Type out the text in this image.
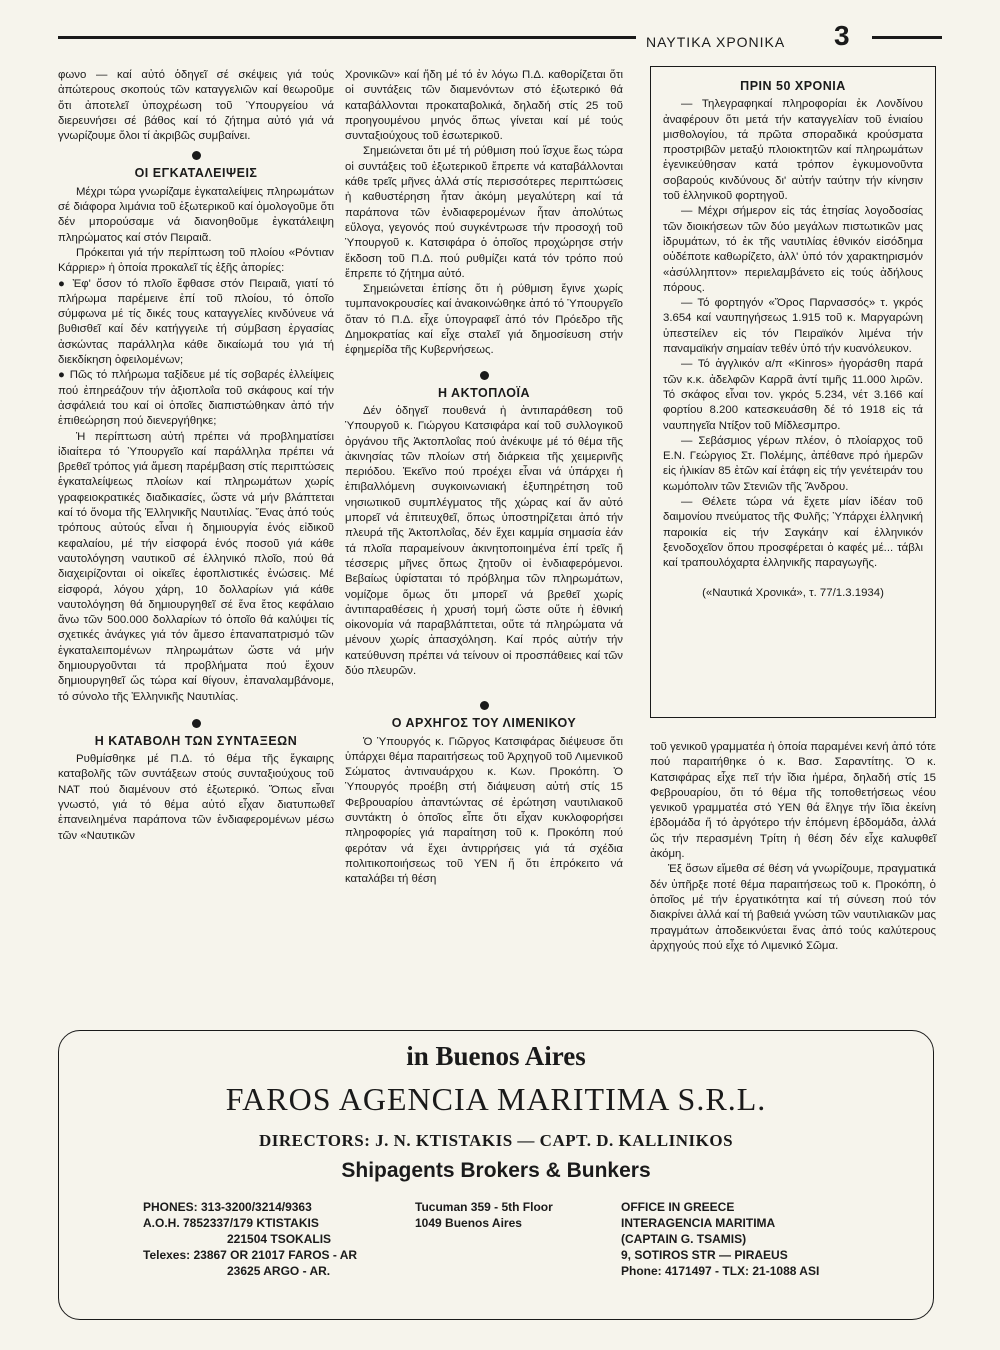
ΝΑΥΤΙΚΑ ΧΡΟΝΙΚΑ 3

φωνο — καί αὐτό ὁδηγεῖ σέ σκέψεις γιά τούς ἀπώτερους σκοπούς τῶν καταγγελιῶν καί θεωροῦμε ὅτι ἀποτελεῖ ὑποχρέωση τοῦ Ὑπουργείου νά διερευνήσει σέ βάθος καί τό ζήτημα αὐτό γιά νά γνωρίζουμε ὅλοι τί ἀκριβῶς συμβαίνει.

ΟΙ ΕΓΚΑΤΑΛΕΙΨΕΙΣ

Μέχρι τώρα γνωρίζαμε ἐγκαταλείψεις πληρωμάτων σέ διάφορα λιμάνια τοῦ ἐξωτερικοῦ καί ὁμολογοῦμε ὅτι δέν μπορούσαμε νά διανοηθοῦμε ἐγκατάλειψη πληρώματος καί στόν Πειραιᾶ.

Πρόκειται γιά τήν περίπτωση τοῦ πλοίου «Ρόντιαν Κάρριερ» ἡ ὁποία προκαλεῖ τίς ἑξῆς ἀπορίες:

● Ἐφ' ὅσον τό πλοῖο ἔφθασε στόν Πειραιᾶ, γιατί τό πλήρωμα παρέμεινε ἐπί τοῦ πλοίου, τό ὁποῖο σύμφωνα μέ τίς δικές τους καταγγελίες κινδύνευε νά βυθισθεῖ καί δέν κατήγγειλε τή σύμβαση ἐργασίας ἀσκώντας παράλληλα κάθε δικαίωμά του γιά τή διεκδίκηση ὀφειλομένων;

● Πῶς τό πλήρωμα ταξίδευε μέ τίς σοβαρές ἐλλείψεις πού ἐπηρεάζουν τήν ἀξιοπλοΐα τοῦ σκάφους καί τήν ἀσφάλειά του καί οἱ ὁποῖες διαπιστώθηκαν ἀπό τήν ἐπιθεώρηση πού διενεργήθηκε;

Ἡ περίπτωση αὐτή πρέπει νά προβληματίσει ἰδιαίτερα τό Ὑπουργεῖο καί παράλληλα πρέπει νά βρεθεῖ τρόπος γιά ἄμεση παρέμβαση στίς περιπτώσεις ἐγκαταλείψεως πλοίων καί πληρωμάτων χωρίς γραφειοκρατικές διαδικασίες, ὥστε νά μήν βλάπτεται καί τό ὄνομα τῆς Ἑλληνικῆς Ναυτιλίας. Ἕνας ἀπό τούς τρόπους αὐτούς εἶναι ἡ δημιουργία ἑνός εἰδικοῦ κεφαλαίου, μέ τήν εἰσφορά ἑνός ποσοῦ γιά κάθε ναυτολόγηση ναυτικοῦ σέ ἑλληνικό πλοῖο, πού θά διαχειρίζονται οἱ οἰκεῖες ἐφοπλιστικές ἑνώσεις. Μέ εἰσφορά, λόγου χάρη, 10 δολλαρίων γιά κάθε ναυτολόγηση θά δημιουργηθεῖ σέ ἕνα ἔτος κεφάλαιο ἄνω τῶν 500.000 δολλαρίων τό ὁποῖο θά καλύψει τίς σχετικές ἀνάγκες γιά τόν ἄμεσο ἐπαναπατρισμό τῶν ἐγκαταλειπομένων πληρωμάτων ὥστε νά μήν δημιουργοῦνται τά προβλήματα πού ἔχουν δημιουργηθεῖ ὥς τώρα καί θίγουν, ἐπαναλαμβάνομε, τό σύνολο τῆς Ἑλληνικῆς Ναυτιλίας.

Η ΚΑΤΑΒΟΛΗ ΤΩΝ ΣΥΝΤΑΞΕΩΝ

Ρυθμίσθηκε μέ Π.Δ. τό θέμα τῆς ἔγκαιρης καταβολῆς τῶν συντάξεων στούς συνταξιούχους τοῦ ΝΑΤ πού διαμένουν στό ἐξωτερικό. Ὅπως εἶναι γνωστό, γιά τό θέμα αὐτό εἶχαν διατυπωθεῖ ἐπανειλημένα παράπονα τῶν ἐνδιαφερομένων μέσω τῶν «Ναυτικῶν

Χρονικῶν» καί ἤδη μέ τό ἐν λόγω Π.Δ. καθορίζεται ὅτι οἱ συντάξεις τῶν διαμενόντων στό ἐξωτερικό θά καταβάλλονται προκαταβολικά, δηλαδή στίς 25 τοῦ προηγουμένου μηνός ὅπως γίνεται καί μέ τούς συνταξιούχους τοῦ ἐσωτερικοῦ.

Σημειώνεται ὅτι μέ τή ρύθμιση πού ἴσχυε ἕως τώρα οἱ συντάξεις τοῦ ἐξωτερικοῦ ἔπρεπε νά καταβάλλονται κάθε τρεῖς μῆνες ἀλλά στίς περισσότερες περιπτώσεις ἡ καθυστέρηση ἦταν ἀκόμη μεγαλύτερη καί τά παράπονα τῶν ἐνδιαφερομένων ἦταν ἀπολύτως εὔλογα, γεγονός πού συγκέντρωσε τήν προσοχή τοῦ Ὑπουργοῦ κ. Κατσιφάρα ὁ ὁποῖος προχώρησε στήν ἔκδοση τοῦ Π.Δ. πού ρυθμίζει κατά τόν τρόπο πού ἔπρεπε τό ζήτημα αὐτό.

Σημειώνεται ἐπίσης ὅτι ἡ ρύθμιση ἔγινε χωρίς τυμπανοκρουσίες καί ἀνακοινώθηκε ἀπό τό Ὑπουργεῖο ὅταν τό Π.Δ. εἶχε ὑπογραφεῖ ἀπό τόν Πρόεδρο τῆς Δημοκρατίας καί εἶχε σταλεῖ γιά δημοσίευση στήν ἐφημερίδα τῆς Κυβερνήσεως.

Η ΑΚΤΟΠΛΟΪΑ

Δέν ὁδηγεῖ πουθενά ἡ ἀντιπαράθεση τοῦ Ὑπουργοῦ κ. Γιώργου Κατσιφάρα καί τοῦ συλλογικοῦ ὀργάνου τῆς Ἀκτοπλοΐας πού ἀνέκυψε μέ τό θέμα τῆς ἀκινησίας τῶν πλοίων στή διάρκεια τῆς χειμερινῆς περιόδου. Ἐκεῖνο πού προέχει εἶναι νά ὑπάρχει ἡ ἐπιβαλλόμενη συγκοινωνιακή ἐξυπηρέτηση τοῦ νησιωτικοῦ συμπλέγματος τῆς χώρας καί ἄν αὐτό μπορεῖ νά ἐπιτευχθεῖ, ὅπως ὑποστηρίζεται ἀπό τήν πλευρά τῆς Ἀκτοπλοΐας, δέν ἔχει καμμία σημασία ἐάν τά πλοῖα παραμείνουν ἀκινητοποιημένα ἐπί τρεῖς ἤ τέσσερις μῆνες ὅπως ζητοῦν οἱ ἐνδιαφερόμενοι. Βεβαίως ὑφίσταται τό πρόβλημα τῶν πληρωμάτων, νομίζομε ὅμως ὅτι μπορεῖ νά βρεθεῖ χωρίς ἀντιπαραθέσεις ἡ χρυσή τομή ὥστε οὔτε ἡ ἐθνική οἰκονομία νά παραβλάπτεται, οὔτε τά πληρώματα νά μένουν χωρίς ἀπασχόληση. Καί πρός αὐτήν τήν κατεύθυνση πρέπει νά τείνουν οἱ προσπάθειες καί τῶν δύο πλευρῶν.

Ο ΑΡΧΗΓΟΣ ΤΟΥ ΛΙΜΕΝΙΚΟΥ

Ὁ Ὑπουργός κ. Γιῶργος Κατσιφάρας διέψευσε ὅτι ὑπάρχει θέμα παραιτήσεως τοῦ Ἀρχηγοῦ τοῦ Λιμενικοῦ Σώματος ἀντιναυάρχου κ. Κων. Προκόπη. Ὁ Ὑπουργός προέβη στή διάψευση αὐτή στίς 15 Φεβρουαρίου ἀπαντώντας σέ ἐρώτηση ναυτιλιακοῦ συντάκτη ὁ ὁποῖος εἶπε ὅτι εἶχαν κυκλοφορήσει πληροφορίες γιά παραίτηση τοῦ κ. Προκόπη πού φερόταν νά ἔχει ἀντιρρήσεις γιά τά σχέδια πολιτικοποιήσεως τοῦ ΥΕΝ ἤ ὅτι ἐπρόκειτο νά καταλάβει τή θέση

ΠΡΙΝ 50 ΧΡΟΝΙΑ

— Τηλεγραφηκαί πληροφορίαι ἐκ Λονδίνου ἀναφέρουν ὅτι μετά τήν καταγγελίαν τοῦ ἑνιαίου μισθολογίου, τά πρῶτα σποραδικά κρούσματα προστριβῶν μεταξύ πλοιοκτητῶν καί πληρωμάτων ἐγενικεύθησαν κατά τρόπον ἐγκυμονοῦντα σοβαρούς κινδύνους δι' αὐτήν ταύτην τήν κίνησιν τοῦ ἑλληνικοῦ φορτηγοῦ.

— Μέχρι σήμερον εἰς τάς ἐτησίας λογοδοσίας τῶν διοικήσεων τῶν δύο μεγάλων πιστωτικῶν μας ἱδρυμάτων, τό ἐκ τῆς ναυτιλίας ἐθνικόν εἰσόδημα οὐδέποτε καθωρίζετο, ἀλλ' ὑπό τόν χαρακτηρισμόν «ἀσύλληπτον» περιελαμβάνετο εἰς τούς ἀδήλους πόρους.

— Τό φορτηγόν «Ὄρος Παρνασσός» τ. γκρός 3.654 καί ναυπηγήσεως 1.915 τοῦ κ. Μαργαρώνη ὑπεστείλεν εἰς τόν Πειραϊκόν λιμένα τήν παναμαϊκήν σημαίαν τεθέν ὑπό τήν κυανόλευκον.

— Τό ἀγγλικόν α/π «Kinros» ἠγοράσθη παρά τῶν κ.κ. ἀδελφῶν Καρρᾶ ἀντί τιμῆς 11.000 λιρῶν. Τό σκάφος εἶναι τον. γκρός 5.234, νέτ 3.166 καί φορτίου 8.200 κατεσκευάσθη δέ τό 1918 εἰς τά ναυπηγεῖα Ντίξον τοῦ Μίδλεσμπρο.

— Σεβάσμιος γέρων πλέον, ὁ πλοίαρχος τοῦ Ε.Ν. Γεώργιος Στ. Πολέμης, ἀπέθανε πρό ἡμερῶν εἰς ἡλικίαν 85 ἐτῶν καί ἐτάφη εἰς τήν γενέτειράν του κωμόπολιν τῶν Στενιῶν τῆς Ἄνδρου.

— Θέλετε τώρα νά ἔχετε μίαν ἰδέαν τοῦ δαιμονίου πνεύματος τῆς Φυλῆς; Ὑπάρχει ἑλληνική παροικία εἰς τήν Σαγκάην καί ἑλληνικόν ξενοδοχεῖον ὅπου προσφέρεται ὁ καφές μέ... τάβλι καί τραπουλόχαρτα ἑλληνικῆς παραγωγῆς.

(«Ναυτικά Χρονικά», τ. 77/1.3.1934)

τοῦ γενικοῦ γραμματέα ἡ ὁποία παραμένει κενή ἀπό τότε πού παραιτήθηκε ὁ κ. Βασ. Σαραντίτης. Ὁ κ. Κατσιφάρας εἶχε πεῖ τήν ἴδια ἡμέρα, δηλαδή στίς 15 Φεβρουαρίου, ὅτι τό θέμα τῆς τοποθετήσεως νέου γενικοῦ γραμματέα στό ΥΕΝ θά ἔληγε τήν ἴδια ἐκείνη ἑβδομάδα ἤ τό ἀργότερο τήν ἑπόμενη ἑβδομάδα, ἀλλά ὥς τήν περασμένη Τρίτη ἡ θέση δέν εἶχε καλυφθεῖ ἀκόμη.

Ἐξ ὅσων εἴμεθα σέ θέση νά γνωρίζουμε, πραγματικά δέν ὑπῆρξε ποτέ θέμα παραιτήσεως τοῦ κ. Προκόπη, ὁ ὁποῖος μέ τήν ἐργατικότητα καί τή σύνεση πού τόν διακρίνει ἀλλά καί τή βαθειά γνώση τῶν ναυτιλιακῶν μας πραγμάτων ἀποδεικνύεται ἕνας ἀπό τούς καλύτερους ἀρχηγούς πού εἶχε τό Λιμενικό Σῶμα.

in Buenos Aires
FAROS AGENCIA MARITIMA S.R.L.
DIRECTORS: J. N. KTISTAKIS — CAPT. D. KALLINIKOS
Shipagents Brokers & Bunkers
PHONES: 313-3200/3214/9363
A.O.H. 7852337/179 KTISTAKIS
221504 TSOKALIS
Telexes: 23867 OR 21017 FAROS - AR
23625 ARGO - AR.
Tucuman 359 - 5th Floor
1049 Buenos Aires
OFFICE IN GREECE
INTERAGENCIA MARITIMA
(CAPTAIN G. TSAMIS)
9, SOTIROS STR — PIRAEUS
Phone: 4171497 - TLX: 21-1088 ASI
